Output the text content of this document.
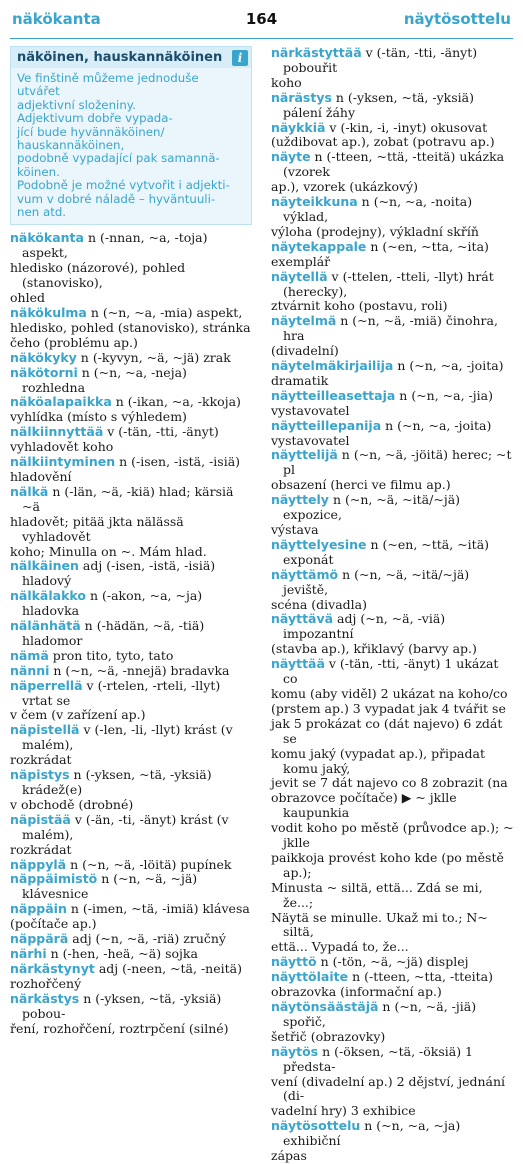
näkökanta	164	näytösottelu
näköinen, hauskannäköinen	i
Ve finštině můžeme jednoduše utvářet
adjektivní složeniny.
Adjektivum dobře vypada-
jící bude hyvännäköinen/
hauskannäköinen,
podobně vypadající pak samannä-
köinen.
Podobně je možné vytvořit i adjekti-
vum v dobré náladě – hyväntuuli-
nen atd.
näkökanta n (-nnan, ~a, -toja) aspekt,
hledisko (názorové), pohled (stanovisko),
ohled
näkökulma n (~n, ~a, -mia) aspekt,
hledisko, pohled (stanovisko), stránka
čeho (problému ap.)
näkökyky n (-kyvyn, ~ä, ~jä) zrak
näkötorni n (~n, ~a, -neja) rozhledna
näköalapaikka n (-ikan, ~a, -kkoja)
vyhlídka (místo s výhledem)
nälkiinnyttää v (-tän, -tti, -änyt)
vyhladovět koho
nälkiintyminen n (-isen, -istä, -isiä)
hladovění
nälkä n (-län, ~ä, -kiä) hlad; kärsiä ~ä
hladovět; pitää jkta nälässä vyhladovět
koho; Minulla on ~. Mám hlad.
nälkäinen adj (-isen, -istä, -isiä) hladový
nälkälakko n (-akon, ~a, ~ja) hladovka
nälänhätä n (-hädän, ~ä, -tiä) hladomor
nämä pron tito, tyto, tato
nänni n (~n, ~ä, -nnejä) bradavka
näperrellä v (-rtelen, -rteli, -llyt) vrtat se
v čem (v zařízení ap.)
näpistellä v (-len, -li, -llyt) krást (v malém),
rozkrádat
näpistys n (-yksen, ~tä, -yksiä) krádež(e)
v obchodě (drobné)
näpistää v (-än, -ti, -änyt) krást (v malém),
rozkrádat
näppylä n (~n, ~ä, -löitä) pupínek
näppäimistö n (~n, ~ä, ~jä) klávesnice
näppäin n (-imen, ~tä, -imiä) klávesa
(počítače ap.)
näppärä adj (~n, ~ä, -riä) zručný
närhi n (-hen, -heä, ~ä) sojka
närkästynyt adj (-neen, ~tä, -neitä)
rozhořčený
närkästys n (-yksen, ~tä, -yksiä) pobou-
ření, rozhořčení, roztrpčení (silné)
närkästyttää v (-tän, -tti, -änyt) pobouřit
koho
närästys n (-yksen, ~tä, -yksiä) pálení žáhy
näykkiä v (-kin, -i, -inyt) okusovat
(uždibovat ap.), zobat (potravu ap.)
näyte n (-tteen, ~ttä, -tteitä) ukázka (vzorek
ap.), vzorek (ukázkový)
näyteikkuna n (~n, ~a, -noita) výklad,
výloha (prodejny), výkladní skříň
näytekappale n (~en, ~tta, ~ita)
exemplář
näytellä v (-ttelen, -tteli, -llyt) hrát (herecky),
ztvárnit koho (postavu, roli)
näytelmä n (~n, ~ä, -miä) činohra, hra
(divadelní)
näytelmäkirjailija n (~n, ~a, -joita)
dramatik
näytteilleasettaja n (~n, ~a, -jia)
vystavovatel
näytteillepanija n (~n, ~a, -joita)
vystavovatel
näyttelijä n (~n, ~ä, -jöitä) herec; ~t pl
obsazení (herci ve filmu ap.)
näyttely n (~n, ~ä, ~itä/~jä) expozice,
výstava
näyttelyesine n (~en, ~ttä, ~itä) exponát
näyttämö n (~n, ~ä, ~itä/~jä) jeviště,
scéna (divadla)
näyttävä adj (~n, ~ä, -viä) impozantní
(stavba ap.), křiklavý (barvy ap.)
näyttää v (-tän, -tti, -änyt) 1 ukázat co
komu (aby viděl) 2 ukázat na koho/co
(prstem ap.) 3 vypadat jak 4 tvářit se
jak 5 prokázat co (dát najevo) 6 zdát se
komu jaký (vypadat ap.), připadat komu jaký,
jevit se 7 dát najevo co 8 zobrazit (na
obrazovce počítače) ▶ ~ jklle kaupunkia
vodit koho po městě (průvodce ap.); ~ jkllе
paikkoja provést koho kde (po městě ap.);
Minusta ~ siltä, että... Zdá se mi, že...;
Näytä se minulle. Ukaž mi to.; N~ siltä,
että... Vypadá to, že...
näyttö n (-tön, ~ä, ~jä) displej
näyttölaite n (-tteen, ~tta, -tteita)
obrazovka (informační ap.)
näytönsäästäjä n (~n, ~ä, -jiä) spořič,
šetřič (obrazovky)
näytös n (-öksen, ~tä, -öksiä) 1 předsta-
vení (divadelní ap.) 2 dějství, jednání (di-
vadelní hry) 3 exhibice
näytösottelu n (~n, ~a, ~ja) exhibiční
zápas
